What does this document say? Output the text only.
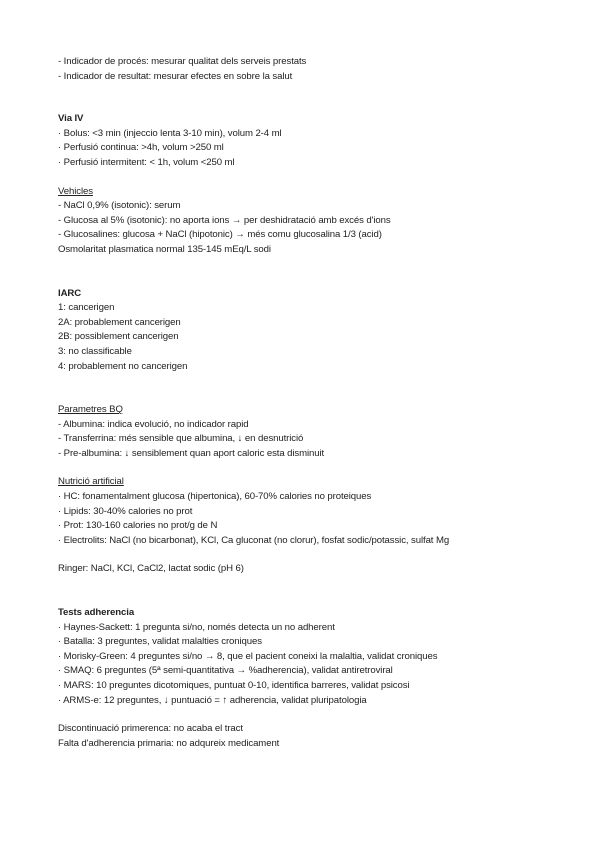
- Indicador de procés: mesurar qualitat dels serveis prestats
- Indicador de resultat: mesurar efectes en sobre la salut
Via IV
· Bolus: <3 min (injeccio lenta 3-10 min), volum 2-4 ml
· Perfusió continua: >4h, volum >250 ml
· Perfusió intermitent: < 1h, volum <250 ml
Vehicles
- NaCl 0,9% (isotonic): serum
- Glucosa al 5% (isotonic): no aporta ions → per deshidratació amb excés d'ions
- Glucosalines: glucosa + NaCl (hipotonic) → més comu glucosalina 1/3 (acid)
Osmolaritat plasmatica normal 135-145 mEq/L sodi
IARC
1: cancerigen
2A: probablement cancerigen
2B: possiblement cancerigen
3: no classificable
4: probablement no cancerigen
Parametres BQ
- Albumina: indica evolució, no indicador rapid
- Transferrina: més sensible que albumina, ↓ en desnutrició
- Pre-albumina: ↓ sensiblement quan aport caloric esta disminuit
Nutrició artificial
· HC: fonamentalment glucosa (hipertonica), 60-70% calories no proteiques
· Lipids: 30-40% calories no prot
· Prot: 130-160 calories no prot/g de N
· Electrolits: NaCl (no bicarbonat), KCl, Ca gluconat (no clorur), fosfat sodic/potassic, sulfat Mg
Ringer: NaCl, KCl, CaCl2, lactat sodic (pH 6)
Tests adherencia
· Haynes-Sackett: 1 pregunta si/no, només detecta un no adherent
· Batalla: 3 preguntes, validat malalties croniques
· Morisky-Green: 4 preguntes si/no → 8, que el pacient coneixi la malaltia, validat croniques
· SMAQ: 6 preguntes (5ª semi-quantitativa → %adherencia), validat antiretroviral
· MARS: 10 preguntes dicotomiques, puntuat 0-10, identifica barreres, validat psicosi
· ARMS-e: 12 preguntes, ↓ puntuació = ↑ adherencia, validat pluripatologia
Discontinuació primerenca: no acaba el tract
Falta d'adherencia primaria: no adqureix medicament
